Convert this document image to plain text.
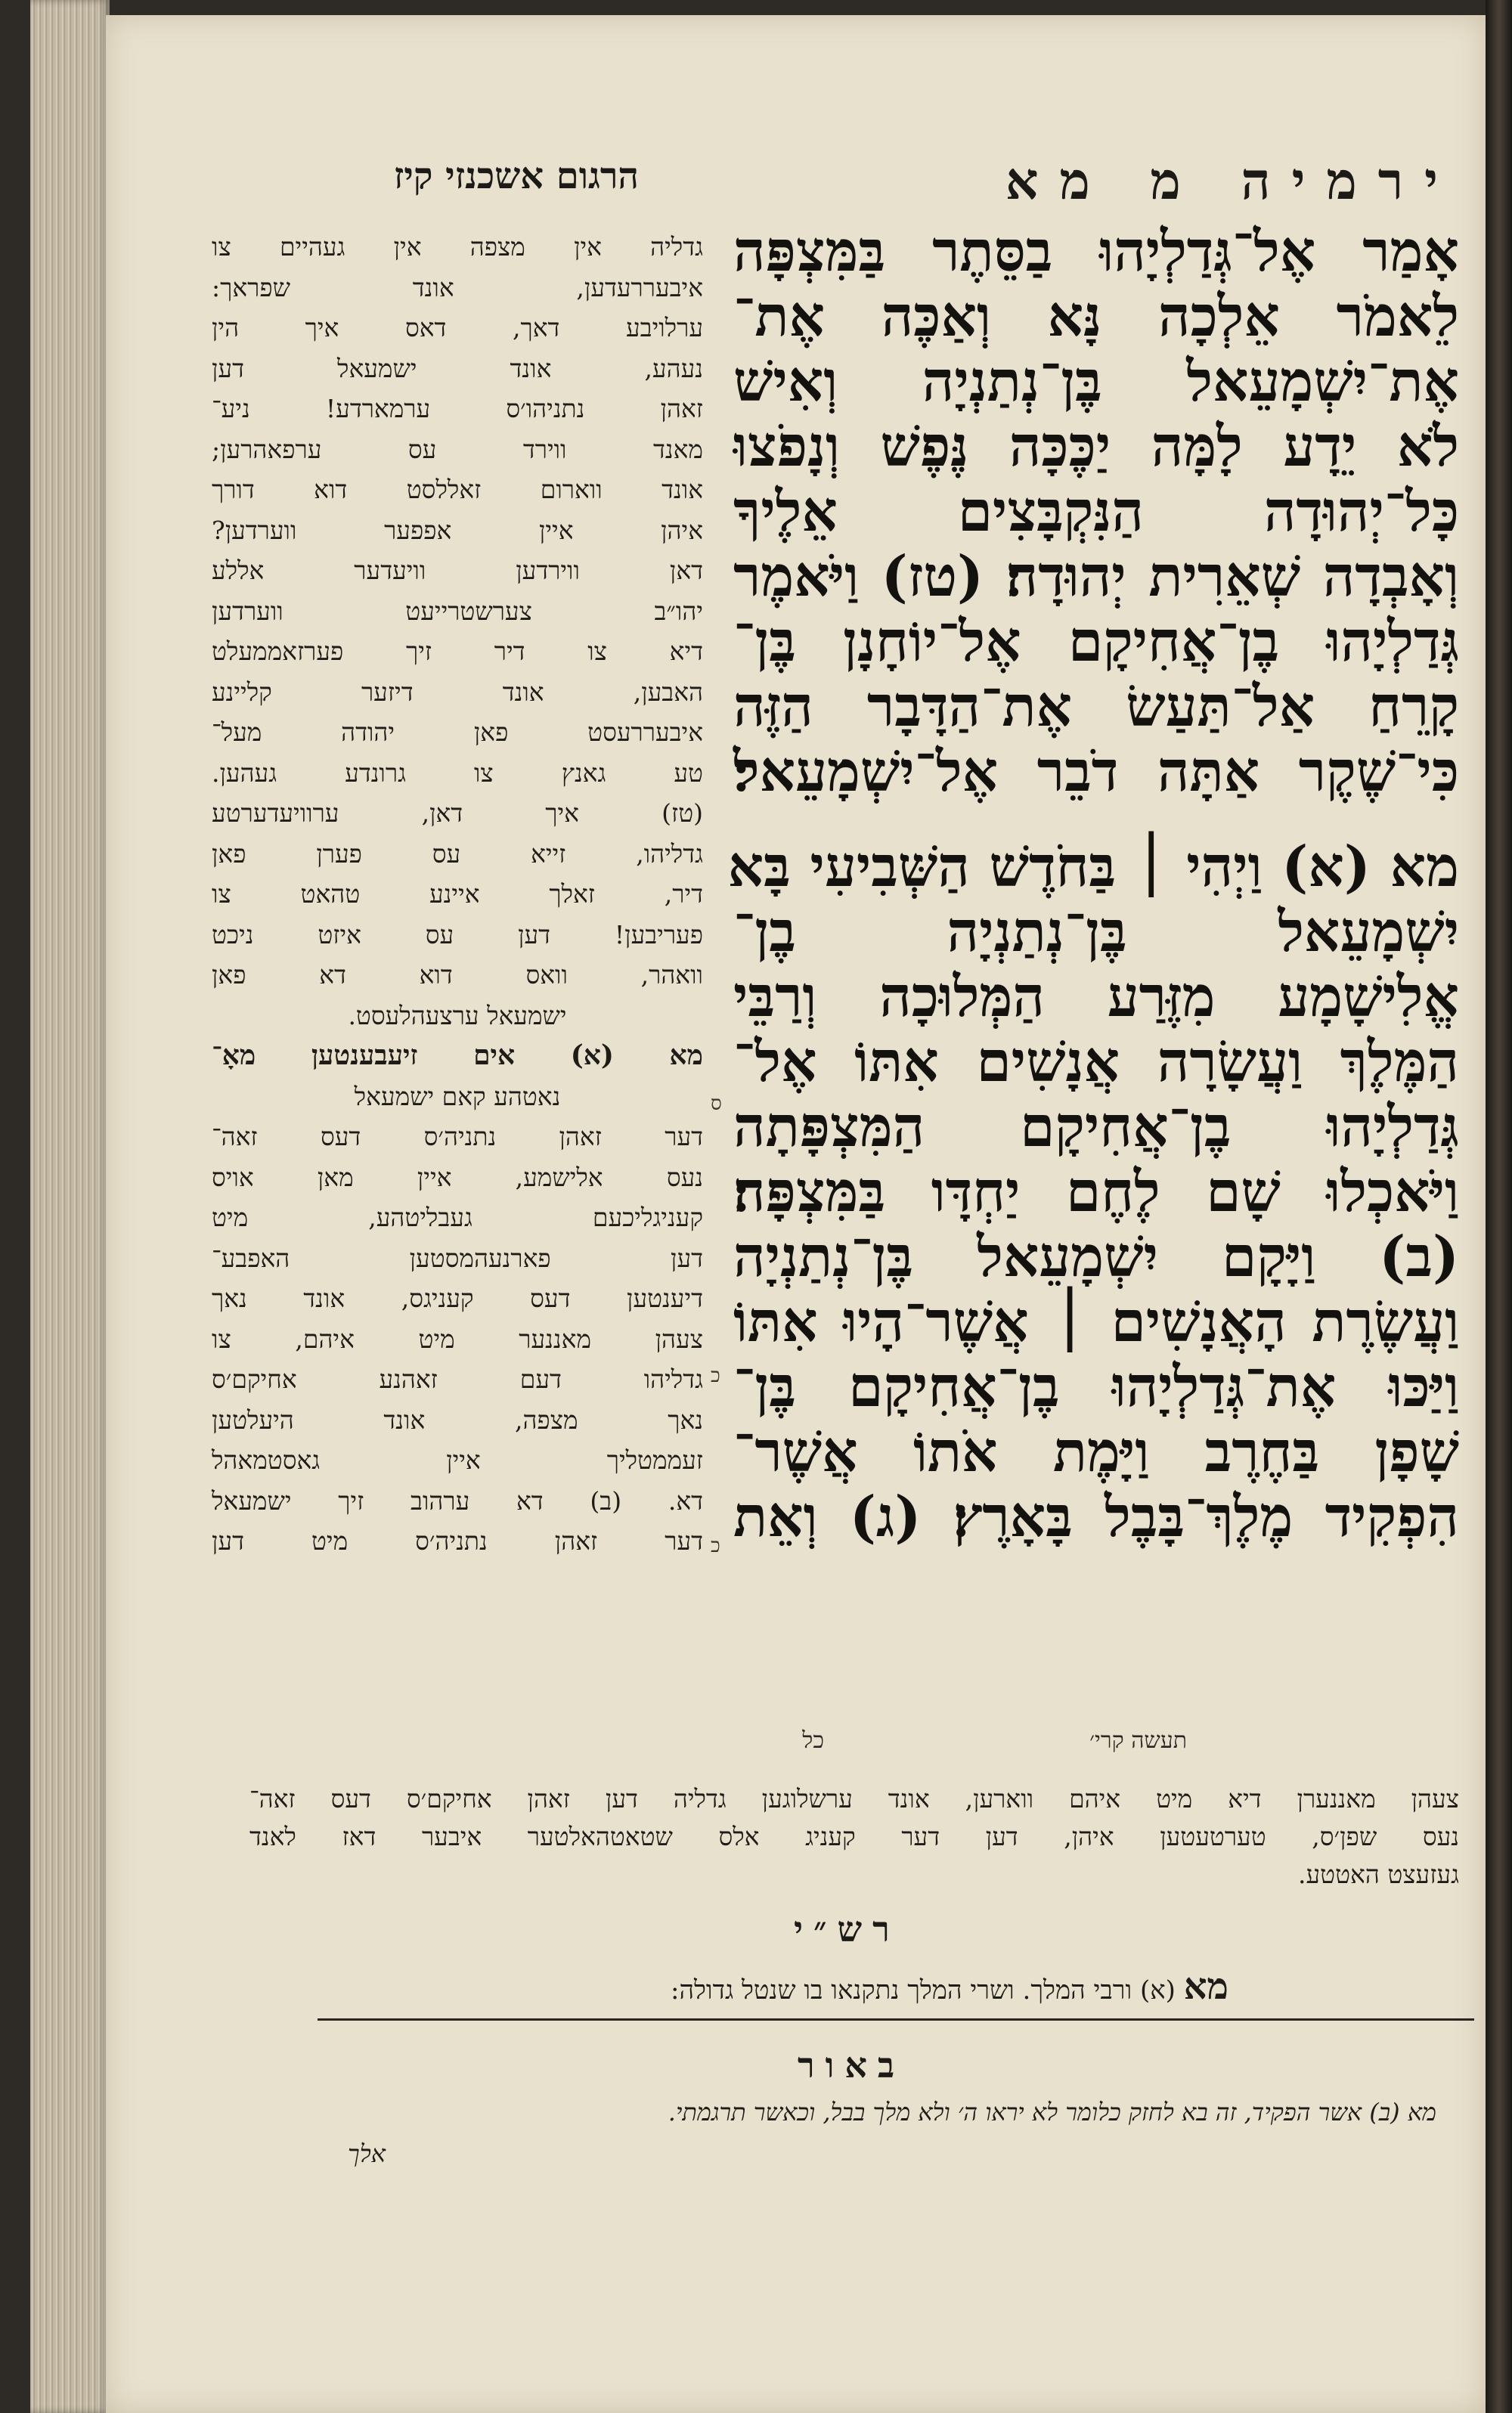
ירמיה מ מא
הרגום אשכנזי קיז
אָמַר אֶל־גְּדַלְיָהוּ בַסֵּתֶר בַּמִּצְפָּה
לֵאמֹר אֵלְכָה נָּא וְאַכֶּה אֶת־
אֶת־יִשְׁמָעֵאל בֶּן־נְתַנְיָה וְאִישׁ
לֹא יֵדָע לָמָּה יַכֶּכָּה נֶּפֶשׁ וְנָפֹצוּ
כָּל־יְהוּדָה הַנִּקְבָּצִים אֵלֶיךָ
וְאָבְדָה שְׁאֵרִית יְהוּדָה׃ (טז) וַיֹּאמֶר
גְּדַלְיָהוּ בֶן־אֲחִיקָם אֶל־יוֹחָנָן בֶּן־
קָרֵחַ אַל־תַּעַשׂ אֶת־הַדָּבָר הַזֶּה
כִּי־שֶׁקֶר אַתָּה דֹבֵר אֶל־יִשְׁמָעֵאל׃
מא (א) וַיְהִי ׀ בַּחֹדֶשׁ הַשְּׁבִיעִי בָּא
יִשְׁמָעֵאל בֶּן־נְתַנְיָה בֶן־
אֱלִישָׁמָע מִזֶּרַע הַמְּלוּכָה וְרַבֵּי
הַמֶּלֶךְ וַעֲשָׂרָה אֲנָשִׁים אִתּוֹ אֶל־
גְּדַלְיָהוּ בֶן־אֲחִיקָם הַמִּצְפָּתָה
וַיֹּאכְלוּ שָׁם לֶחֶם יַחְדָּו בַּמִּצְפָּה׃
(ב) וַיָּקָם יִשְׁמָעֵאל בֶּן־נְתַנְיָה
וַעֲשֶׂרֶת הָאֲנָשִׁים ׀ אֲשֶׁר־הָיוּ אִתּוֹ
וַיַּכּוּ אֶת־גְּדַלְיָהוּ בֶן־אֲחִיקָם בֶּן־
שָׁפָן בַּחֶרֶב וַיָּמֶת אֹתוֹ אֲשֶׁר־
הִפְקִיד מֶלֶךְ־בָּבֶל בָּאָרֶץ׃ (ג) וְאֵת
ס
כ
כ
גדליה אין מצפה אין געהיים צו
איבעררעדען, אונד שפראך:
ערלויבע דאך, דאס איך הין
נעהע, אונד ישמעאל דען
זאהן נתניהו׳ס ערמארדע! ניע־
מאנד ווירד עס ערפאהרען;
אונד ווארום זאללסט דוא דורך
איהן איין אפפער ווערדען?
דאן ווירדען וויעדער אללע
יהו״ב צערשטרייעט ווערדען
דיא צו דיר זיך פערזאממעלט
האבען, אונד דיזער קליינע
איבעררעסט פאן יהודה מעל־
טע גאנץ צו גרונדע געהען.
(טז) איך דאן, ערוויעדערטע
גדליהו, זייא עס פערן פאן
דיר, זאלך איינע טהאט צו
פעריבען! דען עס איזט ניכט
וואהר, וואס דוא דא פאן
ישמעאל ערצעהלעסט.
מא (א) אים זיעבענטען מאָ־
נאטהע קאם ישמעאל
דער זאהן נתניה׳ס דעס זאה־
נעס אלישמע, איין מאן אויס
קעניגליכעם געבליטהע, מיט
דען פארנעהמסטען האפבע־
דיענטען דעס קעניגס, אונד נאך
צעהן מאננער מיט איהם, צו
גדליהו דעם זאהנע אחיקם׳ס
נאך מצפה, אונד היעלטען
זעממטליך איין גאסטמאהל
דא. (ב) דא ערהוב זיך ישמעאל
דער זאהן נתניה׳ס מיט דען
תעשה קרי׳
כל
צעהן מאננערן דיא מיט איהם ווארען, אונד ערשלוגען גדליה דען זאהן אחיקם׳ס דעס זאה־
נעס שפן׳ס, טערטעטען איהן, דען דער קעניג אלס שטאטהאלטער איבער דאז לאנד
געזעצט האטטע.
רש״י
מא (א) ורבי המלך. ושרי המלך נתקנאו בו שנטל גדולה:
באור
מא (ב) אשר הפקיד, זה בא לחזק כלומר לא יראו ה׳ ולא מלך בבל, וכאשר תרגמתי.
אלך
